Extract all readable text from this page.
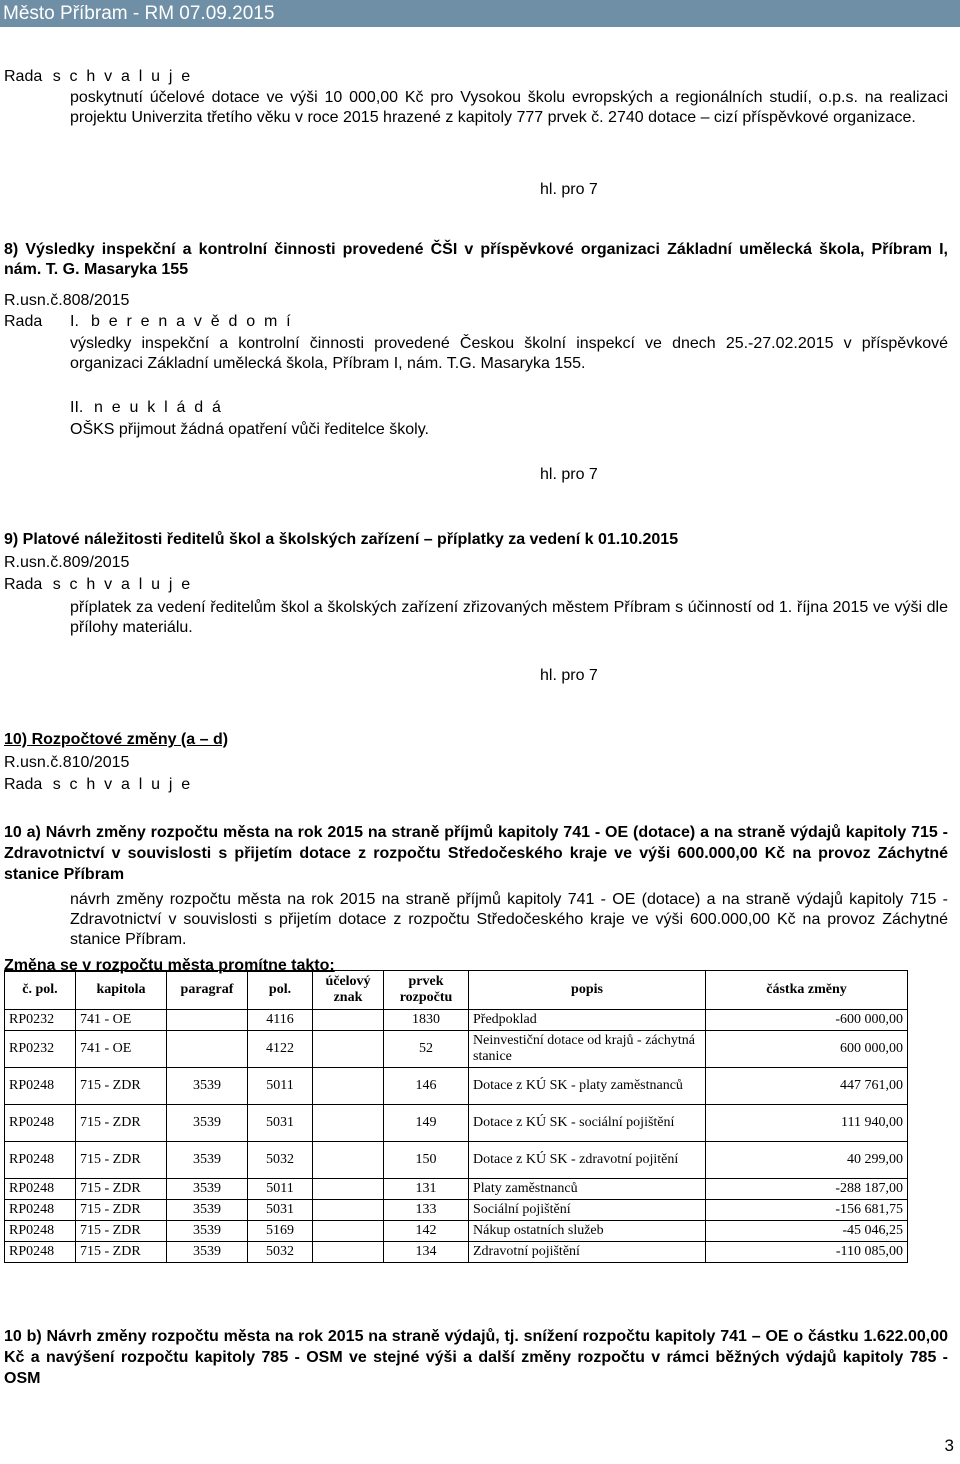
Město Příbram - RM 07.09.2015
Rada s c h v a l u j e
poskytnutí účelové dotace ve výši 10 000,00 Kč pro Vysokou školu evropských a regionálních studií, o.p.s. na realizaci projektu Univerzita třetího věku v roce 2015 hrazené z kapitoly 777 prvek č. 2740 dotace – cizí příspěvkové organizace.
hl. pro 7
8) Výsledky inspekční a kontrolní činnosti provedené ČŠI v příspěvkové organizaci Základní umělecká škola, Příbram I, nám. T. G. Masaryka 155
R.usn.č.808/2015
Rada I. b e r e n a v ě d o m í
výsledky inspekční a kontrolní činnosti provedené Českou školní inspekcí ve dnech 25.-27.02.2015 v příspěvkové organizaci Základní umělecká škola, Příbram I, nám. T.G. Masaryka 155.
II. n e u k l á d á
OŠKS přijmout žádná opatření vůči ředitelce školy.
hl. pro 7
9) Platové náležitosti ředitelů škol a školských zařízení – příplatky za vedení k 01.10.2015
R.usn.č.809/2015
Rada s c h v a l u j e
příplatek za vedení ředitelům škol a školských zařízení zřizovaných městem Příbram s účinností od 1. října 2015 ve výši dle přílohy materiálu.
hl. pro 7
10) Rozpočtové změny (a – d)
R.usn.č.810/2015
Rada s c h v a l u j e
10 a) Návrh změny rozpočtu města na rok 2015 na straně příjmů kapitoly 741 - OE (dotace) a na straně výdajů kapitoly 715 - Zdravotnictví v souvislosti s přijetím dotace z rozpočtu Středočeského kraje ve výši 600.000,00 Kč na provoz Záchytné stanice Příbram
návrh změny rozpočtu města na rok 2015 na straně příjmů kapitoly 741 - OE (dotace) a na straně výdajů kapitoly 715 - Zdravotnictví v souvislosti s přijetím dotace z rozpočtu Středočeského kraje ve výši 600.000,00 Kč na provoz Záchytné stanice Příbram.
Změna se v rozpočtu města promítne takto:
č. pol.	kapitola	paragraf	pol.	účelový znak	prvek rozpočtu	popis	částka změny
RP0232	741 - OE		4116		1830	Předpoklad	-600 000,00
RP0232	741 - OE		4122		52	Neinvestiční dotace od krajů - záchytná stanice	600 000,00
RP0248	715 - ZDR	3539	5011		146	Dotace z KÚ SK - platy zaměstnanců	447 761,00
RP0248	715 - ZDR	3539	5031		149	Dotace z KÚ SK - sociální pojištění	111 940,00
RP0248	715 - ZDR	3539	5032		150	Dotace z KÚ SK - zdravotní pojitění	40 299,00
RP0248	715 - ZDR	3539	5011		131	Platy zaměstnanců	-288 187,00
RP0248	715 - ZDR	3539	5031		133	Sociální pojištění	-156 681,75
RP0248	715 - ZDR	3539	5169		142	Nákup ostatních služeb	-45 046,25
RP0248	715 - ZDR	3539	5032		134	Zdravotní pojištění	-110 085,00
10 b) Návrh změny rozpočtu města na rok 2015 na straně výdajů, tj. snížení rozpočtu kapitoly 741 – OE o částku 1.622.00,00 Kč a navýšení rozpočtu kapitoly 785 - OSM ve stejné výši a další změny rozpočtu v rámci běžných výdajů kapitoly 785 - OSM
3
